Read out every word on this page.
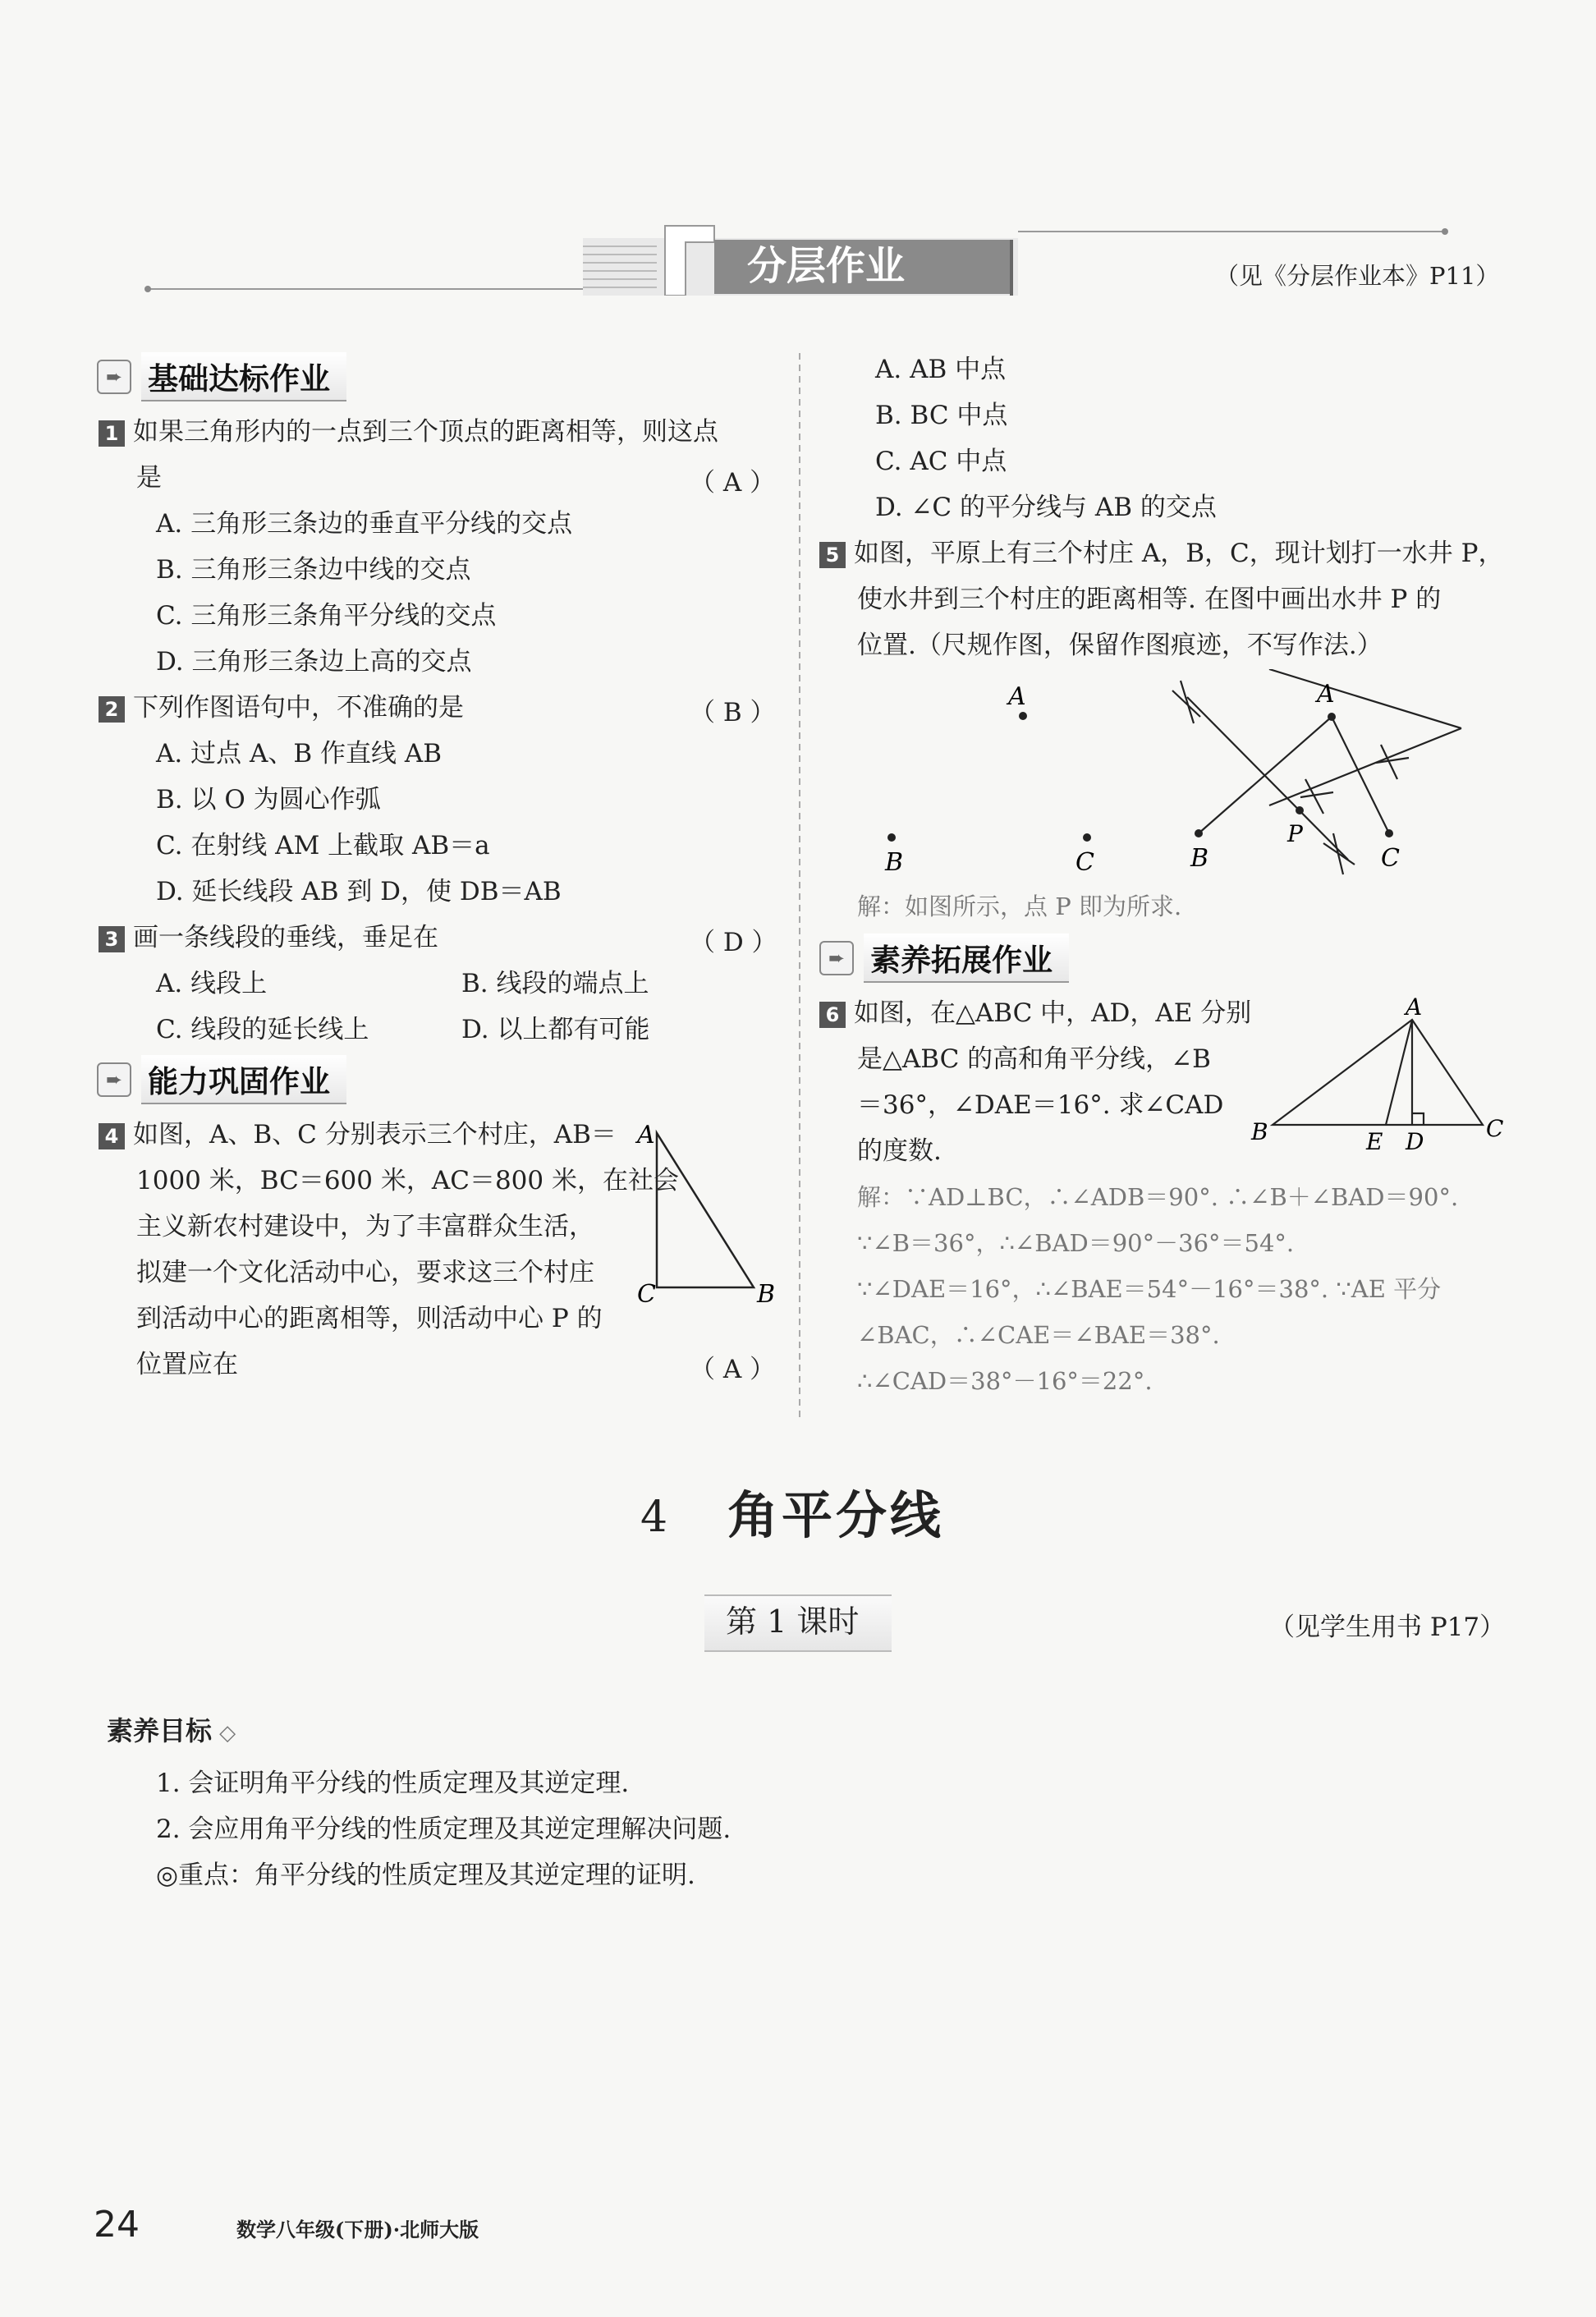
分层作业	（见《分层作业本》P11）
➨ 基础达标作业
1 如果三角形内的一点到三个顶点的距离相等，则这点
是	（ A ）
A. 三角形三条边的垂直平分线的交点
B. 三角形三条边中线的交点
C. 三角形三条角平分线的交点
D. 三角形三条边上高的交点
2 下列作图语句中，不准确的是	（ B ）
A. 过点 A、B 作直线 AB
B. 以 O 为圆心作弧
C. 在射线 AM 上截取 AB＝a
D. 延长线段 AB 到 D，使 DB＝AB
3 画一条线段的垂线，垂足在	（ D ）
A. 线段上	B. 线段的端点上
C. 线段的延长线上	D. 以上都有可能
➨ 能力巩固作业
4 如图，A、B、C 分别表示三个村庄，AB＝
1000 米，BC＝600 米，AC＝800 米，在社会
主义新农村建设中，为了丰富群众生活，
拟建一个文化活动中心，要求这三个村庄
到活动中心的距离相等，则活动中心 P 的
位置应在	（ A ）
A
C	B
A. AB 中点
B. BC 中点
C. AC 中点
D. ∠C 的平分线与 AB 的交点
5 如图，平原上有三个村庄 A，B，C，现计划打一水井 P，
使水井到三个村庄的距离相等. 在图中画出水井 P 的
位置.（尺规作图，保留作图痕迹，不写作法.）
A
B	C
A
B	C
P
解：如图所示，点 P 即为所求.
➨ 素养拓展作业
6 如图，在△ABC 中，AD，AE 分别
是△ABC 的高和角平分线，∠B
＝36°，∠DAE＝16°. 求∠CAD
的度数.
A
B	C
E D
解：∵AD⊥BC，∴∠ADB＝90°. ∴∠B＋∠BAD＝90°.
∵∠B＝36°，∴∠BAD＝90°－36°＝54°.
∵∠DAE＝16°，∴∠BAE＝54°－16°＝38°. ∵AE 平分
∠BAC，∴∠CAE＝∠BAE＝38°.
∴∠CAD＝38°－16°＝22°.
4 角平分线
第 1 课时	（见学生用书 P17）
素养目标 ◇
1. 会证明角平分线的性质定理及其逆定理.
2. 会应用角平分线的性质定理及其逆定理解决问题.
◎重点：角平分线的性质定理及其逆定理的证明.
24	数学八年级(下册)·北师大版
